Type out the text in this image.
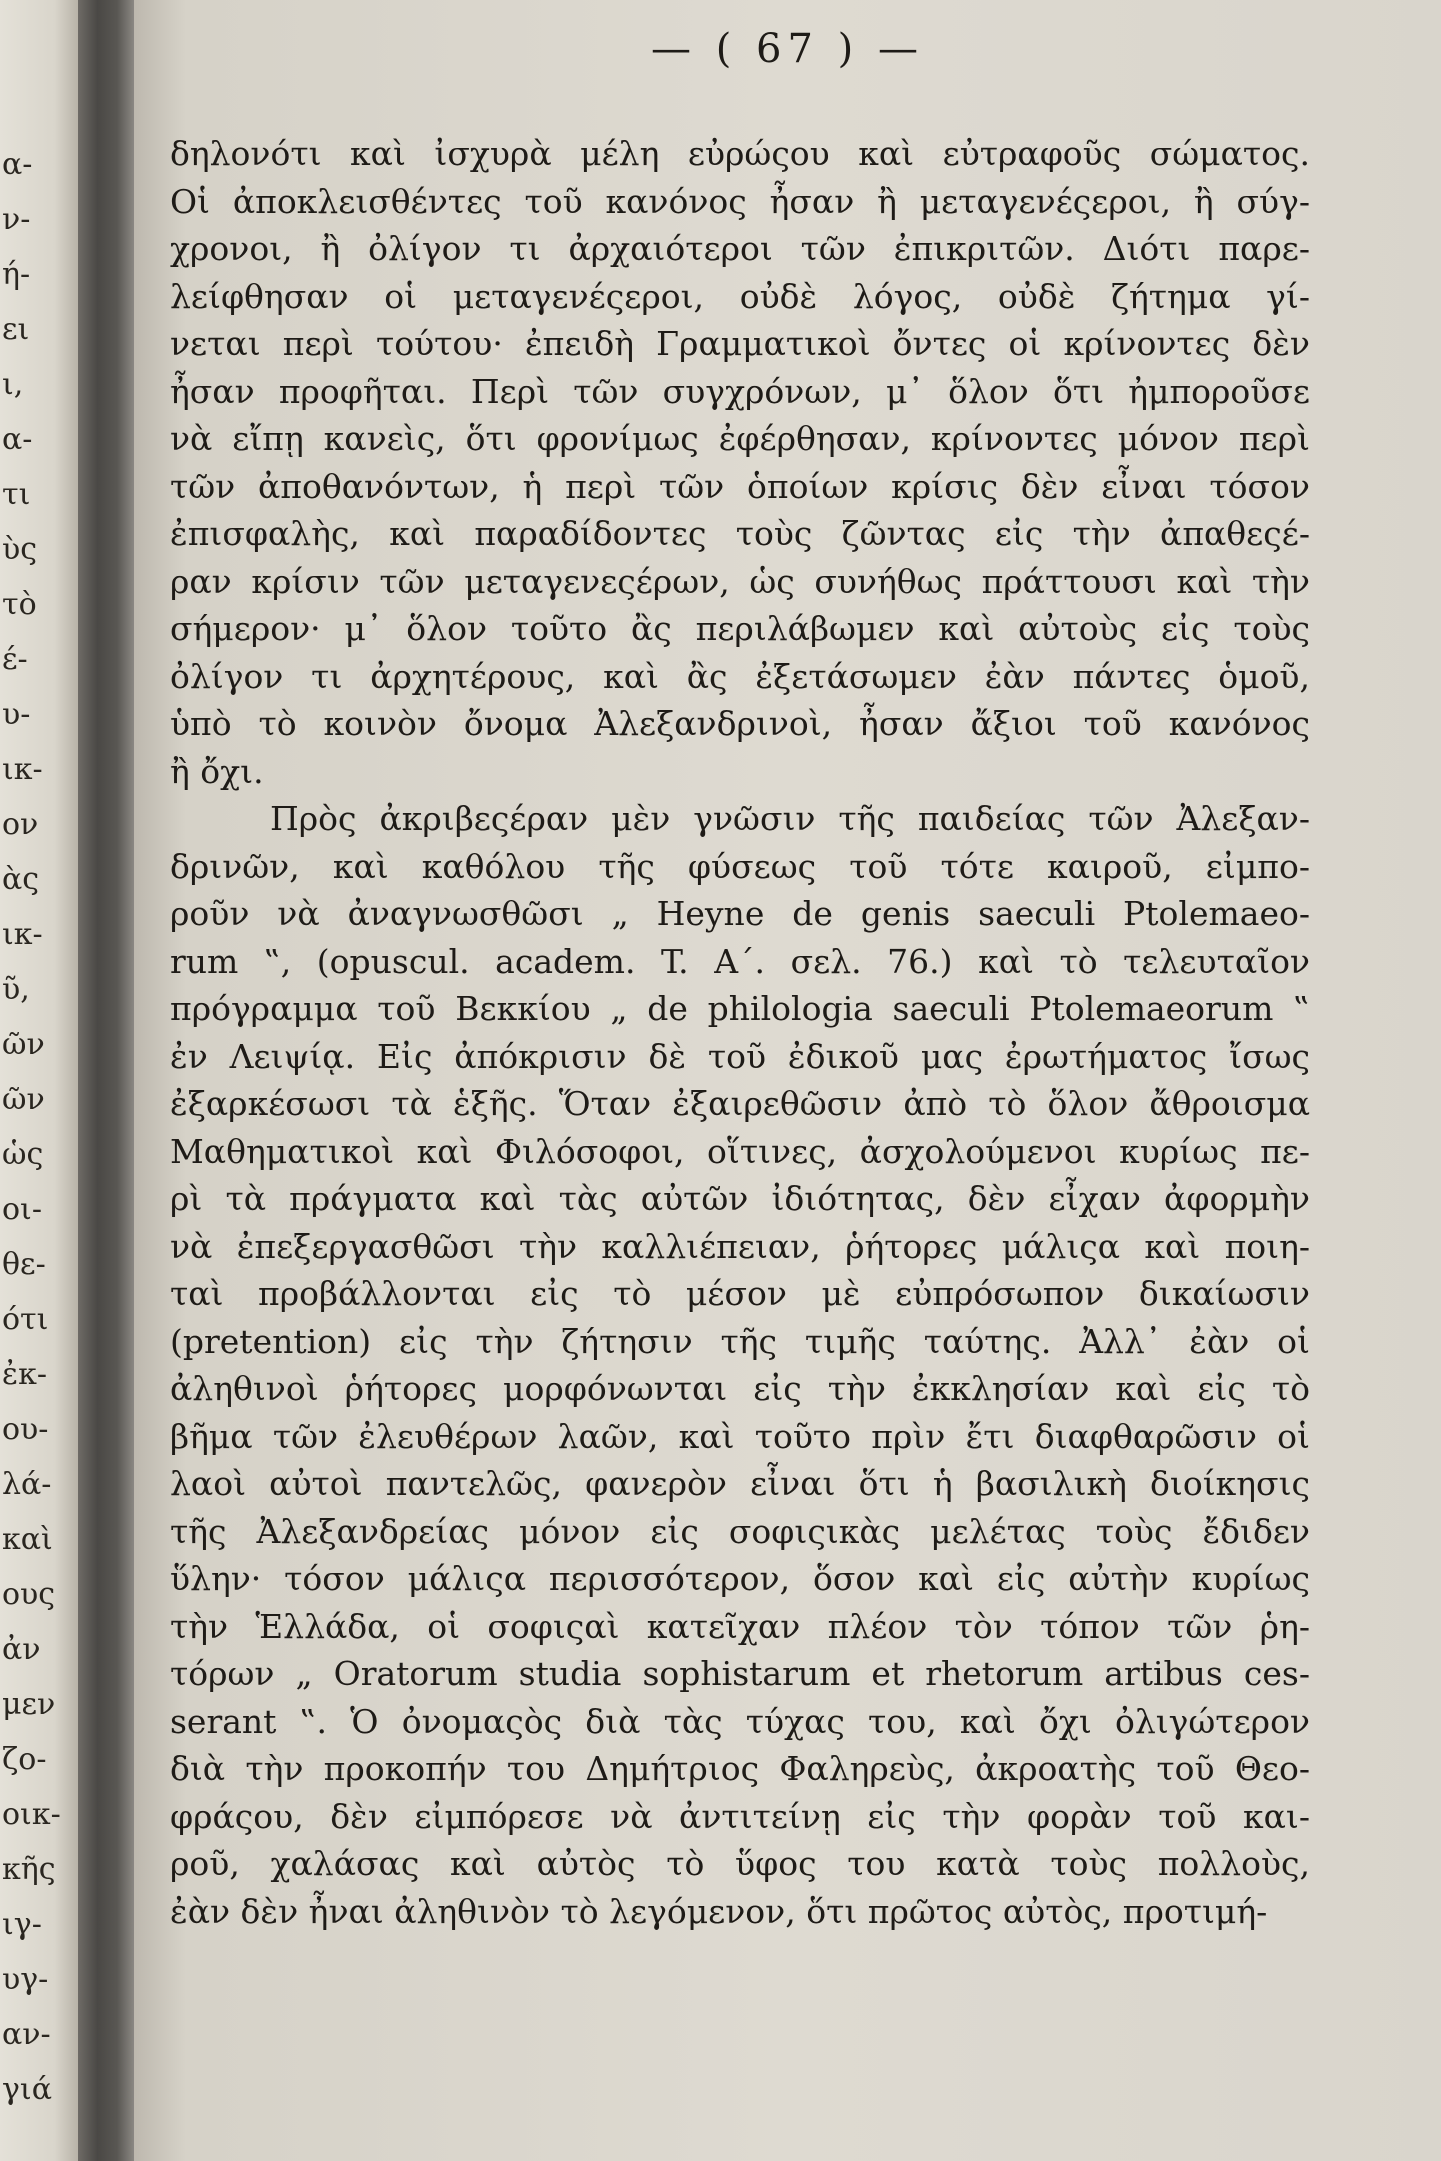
α-
ν-
ή-
ει
ι,
α-
τι
ὺς
τὸ
έ-
υ-
ικ-
ον
ὰς
ικ-
ῦ,
ῶν
ῶν
ὡς
οι-
θε-
ότι
ἐκ-
ου-
λά-
καὶ
ους
ἀν
μεν
ζο-
οικ-
κῆς
ιγ-
υγ-
αν-
γιά
— ( 67 ) —
δηλονότι καὶ ἰσχυρὰ μέλη εὐρώςου καὶ εὐτραφοῦς σώματος.
Οἱ ἀποκλεισθέντες τοῦ κανόνος ἦσαν ἢ μεταγενέςεροι, ἢ σύγ-
χρονοι, ἢ ὀλίγον τι ἀρχαιότεροι τῶν ἐπικριτῶν. Διότι παρε-
λείφθησαν οἱ μεταγενέςεροι, οὐδὲ λόγος, οὐδὲ ζήτημα γί-
νεται περὶ τούτου· ἐπειδὴ Γραμματικοὶ ὄντες οἱ κρίνοντες δὲν
ἦσαν προφῆται. Περὶ τῶν συγχρόνων, μ᾽ ὅλον ὅτι ἠμποροῦσε
νὰ εἴπῃ κανεὶς, ὅτι φρονίμως ἐφέρθησαν, κρίνοντες μόνον περὶ
τῶν ἀποθανόντων, ἡ περὶ τῶν ὁποίων κρίσις δὲν εἶναι τόσον
ἐπισφαλὴς, καὶ παραδίδοντες τοὺς ζῶντας εἰς τὴν ἀπαθεςέ-
ραν κρίσιν τῶν μεταγενεςέρων, ὡς συνήθως πράττουσι καὶ τὴν
σήμερον· μ᾽ ὅλον τοῦτο ἂς περιλάβωμεν καὶ αὐτοὺς εἰς τοὺς
ὀλίγον τι ἀρχητέρους, καὶ ἂς ἐξετάσωμεν ἐὰν πάντες ὁμοῦ,
ὑπὸ τὸ κοινὸν ὄνομα Ἀλεξανδρινοὶ, ἦσαν ἄξιοι τοῦ κανόνος
ἢ ὄχι.
Πρὸς ἀκριβεςέραν μὲν γνῶσιν τῆς παιδείας τῶν Ἀλεξαν-
δρινῶν, καὶ καθόλου τῆς φύσεως τοῦ τότε καιροῦ, εἰμπο-
ροῦν νὰ ἀναγνωσθῶσι „ Heyne de genis saeculi Ptolemaeo-
rum ‟, (opuscul. academ. T. Α΄. σελ. 76.) καὶ τὸ τελευταῖον
πρόγραμμα τοῦ Βεκκίου „ de philologia saeculi Ptolemaeorum ‟
ἐν Λειψίᾳ. Εἰς ἀπόκρισιν δὲ τοῦ ἐδικοῦ μας ἐρωτήματος ἴσως
ἐξαρκέσωσι τὰ ἑξῆς. Ὅταν ἐξαιρεθῶσιν ἀπὸ τὸ ὅλον ἄθροισμα
Μαθηματικοὶ καὶ Φιλόσοφοι, οἵτινες, ἀσχολούμενοι κυρίως πε-
ρὶ τὰ πράγματα καὶ τὰς αὐτῶν ἰδιότητας, δὲν εἶχαν ἀφορμὴν
νὰ ἐπεξεργασθῶσι τὴν καλλιέπειαν, ῥήτορες μάλιςα καὶ ποιη-
ταὶ προβάλλονται εἰς τὸ μέσον μὲ εὐπρόσωπον δικαίωσιν
(pretention) εἰς τὴν ζήτησιν τῆς τιμῆς ταύτης. Ἀλλ᾽ ἐὰν οἱ
ἀληθινοὶ ῥήτορες μορφόνωνται εἰς τὴν ἐκκλησίαν καὶ εἰς τὸ
βῆμα τῶν ἐλευθέρων λαῶν, καὶ τοῦτο πρὶν ἔτι διαφθαρῶσιν οἱ
λαοὶ αὐτοὶ παντελῶς, φανερὸν εἶναι ὅτι ἡ βασιλικὴ διοίκησις
τῆς Ἀλεξανδρείας μόνον εἰς σοφιςικὰς μελέτας τοὺς ἔδιδεν
ὕλην· τόσον μάλιςα περισσότερον, ὅσον καὶ εἰς αὐτὴν κυρίως
τὴν Ἑλλάδα, οἱ σοφιςαὶ κατεῖχαν πλέον τὸν τόπον τῶν ῥη-
τόρων „ Oratorum studia sophistarum et rhetorum artibus ces-
serant ‟. Ὁ ὀνομαςὸς διὰ τὰς τύχας του, καὶ ὄχι ὀλιγώτερον
διὰ τὴν προκοπήν του Δημήτριος Φαληρεὺς, ἀκροατὴς τοῦ Θεο-
φράςου, δὲν εἰμπόρεσε νὰ ἀντιτείνῃ εἰς τὴν φορὰν τοῦ και-
ροῦ, χαλάσας καὶ αὐτὸς τὸ ὕφος του κατὰ τοὺς πολλοὺς,
ἐὰν δὲν ἦναι ἀληθινὸν τὸ λεγόμενον, ὅτι πρῶτος αὐτὸς, προτιμή-
